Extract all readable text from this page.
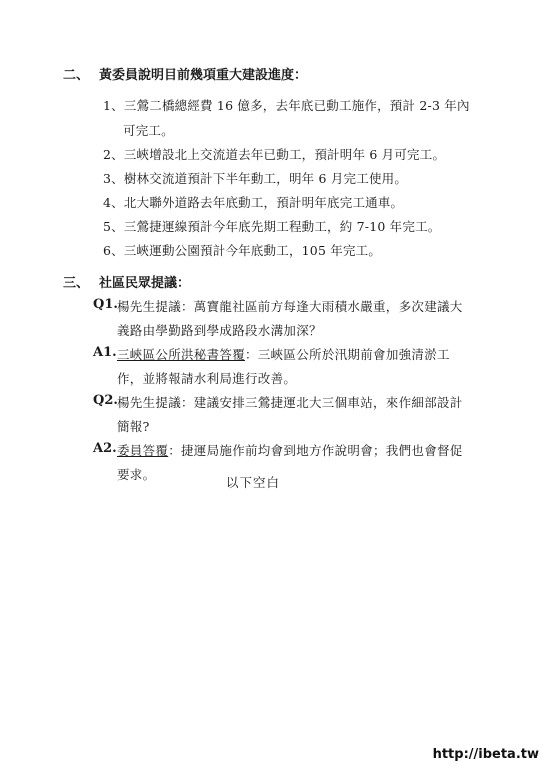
二、 黃委員說明目前幾項重大建設進度：
1、三鶯二橋總經費 16 億多，去年底已動工施作，預計 2-3 年內
可完工。
2、三峽增設北上交流道去年已動工，預計明年 6 月可完工。
3、樹林交流道預計下半年動工，明年 6 月完工使用。
4、北大聯外道路去年底動工，預計明年底完工通車。
5、三鶯捷運線預計今年底先期工程動工，約 7-10 年完工。
6、三峽運動公園預計今年底動工，105 年完工。
三、 社區民眾提議：
Q1. 楊先生提議：萬寶龍社區前方每逢大雨積水嚴重，多次建議大
義路由學勤路到學成路段水溝加深？
A1. 三峽區公所洪秘書答覆：三峽區公所於汛期前會加強清淤工
作，並將報請水利局進行改善。
Q2. 楊先生提議：建議安排三鶯捷運北大三個車站，來作細部設計
簡報?
A2. 委員答覆：捷運局施作前均會到地方作說明會；我們也會督促
要求。
以下空白
http://ibeta.tw
